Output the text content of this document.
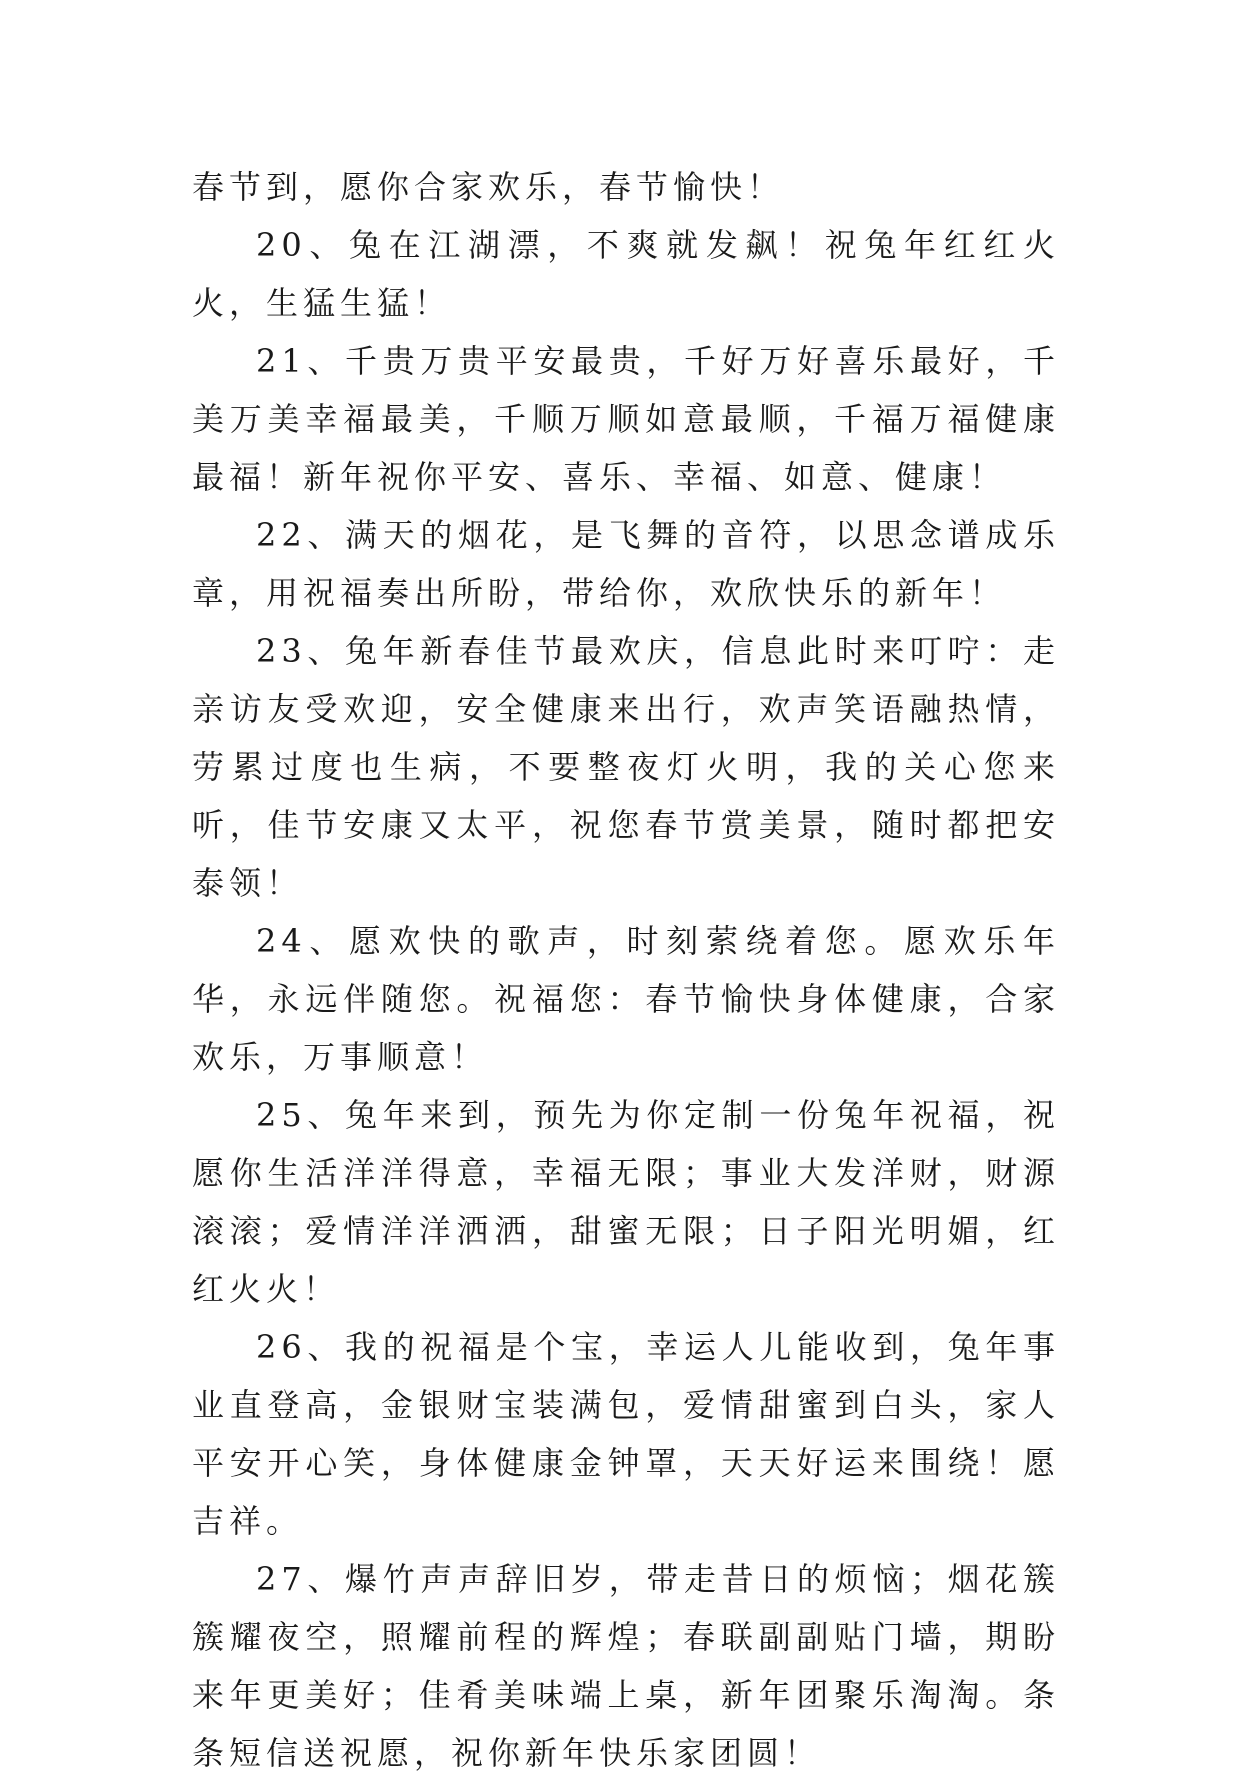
春节到，愿你合家欢乐，春节愉快！

20、兔在江湖漂，不爽就发飙！祝兔年红红火火，生猛生猛！

21、千贵万贵平安最贵，千好万好喜乐最好，千美万美幸福最美，千顺万顺如意最顺，千福万福健康最福！新年祝你平安、喜乐、幸福、如意、健康！

22、满天的烟花，是飞舞的音符，以思念谱成乐章，用祝福奏出所盼，带给你，欢欣快乐的新年！

23、兔年新春佳节最欢庆，信息此时来叮咛：走亲访友受欢迎，安全健康来出行，欢声笑语融热情，劳累过度也生病，不要整夜灯火明，我的关心您来听，佳节安康又太平，祝您春节赏美景，随时都把安泰领！

24、愿欢快的歌声，时刻萦绕着您。愿欢乐年华，永远伴随您。祝福您：春节愉快身体健康，合家欢乐，万事顺意！

25、兔年来到，预先为你定制一份兔年祝福，祝愿你生活洋洋得意，幸福无限；事业大发洋财，财源滚滚；爱情洋洋洒洒，甜蜜无限；日子阳光明媚，红红火火！

26、我的祝福是个宝，幸运人儿能收到，兔年事业直登高，金银财宝装满包，爱情甜蜜到白头，家人平安开心笑，身体健康金钟罩，天天好运来围绕！愿吉祥。

27、爆竹声声辞旧岁，带走昔日的烦恼；烟花簇簇耀夜空，照耀前程的辉煌；春联副副贴门墙，期盼来年更美好；佳肴美味端上桌，新年团聚乐淘淘。条条短信送祝愿，祝你新年快乐家团圆！
